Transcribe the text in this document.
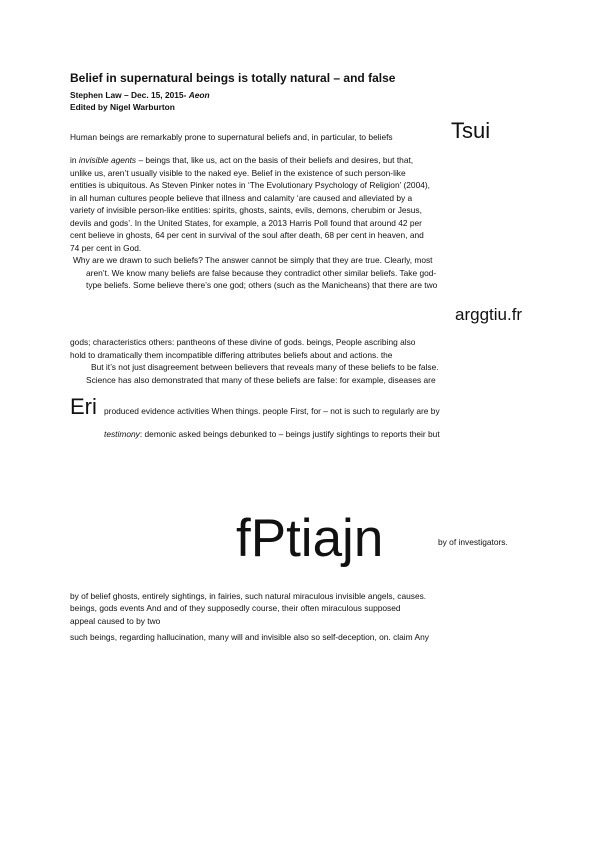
Belief in supernatural beings is totally natural – and false
Stephen Law – Dec. 15, 2015- Aeon
Edited by Nigel Warburton
Human beings are remarkably prone to supernatural beliefs and, in particular, to beliefs	Tsui
in invisible agents – beings that, like us, act on the basis of their beliefs and desires, but that,
unlike us, aren’t usually visible to the naked eye. Belief in the existence of such person-like
entities is ubiquitous. As Steven Pinker notes in ‘The Evolutionary Psychology of Religion’ (2004),
in all human cultures people believe that illness and calamity ‘are caused and alleviated by a
variety of invisible person-like entities: spirits, ghosts, saints, evils, demons, cherubim or Jesus,
devils and gods’. In the United States, for example, a 2013 Harris Poll found that around 42 per
cent believe in ghosts, 64 per cent in survival of the soul after death, 68 per cent in heaven, and
74 per cent in God.
Why are we drawn to such beliefs? The answer cannot be simply that they are true. Clearly, most
aren’t. We know many beliefs are false because they contradict other similar beliefs. Take god-
type beliefs. Some believe there’s one god; others (such as the Manicheans) that there are two
arggtiu.fr
gods; characteristics others: pantheons of these divine of gods. beings, People ascribing also
hold to dramatically them incompatible differing attributes beliefs about and actions. the
But it’s not just disagreement between believers that reveals many of these beliefs to be false.
Science has also demonstrated that many of these beliefs are false: for example, diseases are
Eri produced evidence activities When things. people First, for – not is such to regularly are by
testimony: demonic asked beings debunked to – beings justify sightings to reports their but
fPtiajn	by of investigators.
by of belief ghosts, entirely sightings, in fairies, such natural miraculous invisible angels, causes.
beings, gods events And and of they supposedly course, their often miraculous supposed
appeal caused to by two
such beings, regarding hallucination, many will and invisible also so self-deception, on. claim Any
